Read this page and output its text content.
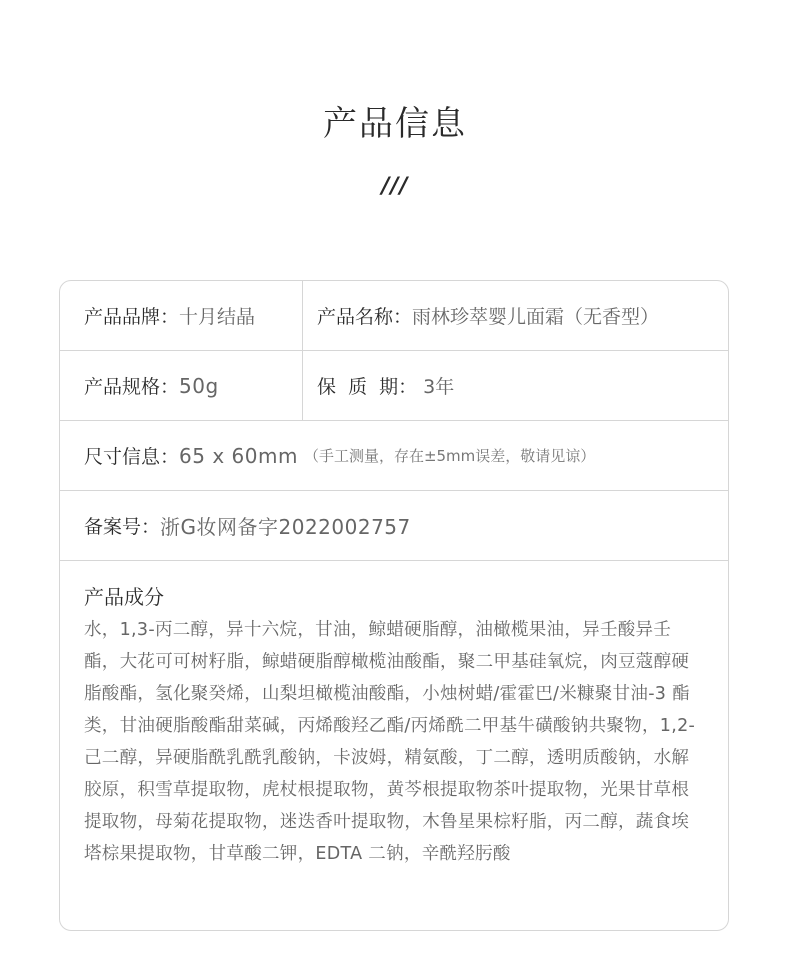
产品信息
///
产品品牌： 十月结晶	产品名称： 雨林珍萃婴儿面霜（无香型）
产品规格： 50g	保  质  期： 3年
尺寸信息： 65 x 60mm （手工测量，存在±5mm误差，敬请见谅）
备案号： 浙G妆网备字2022002757
产品成分
水，1,3-丙二醇，异十六烷，甘油，鲸蜡硬脂醇，油橄榄果油，异壬酸异壬酯，大花可可树籽脂，鲸蜡硬脂醇橄榄油酸酯，聚二甲基硅氧烷，肉豆蔻醇硬脂酸酯，氢化聚癸烯，山梨坦橄榄油酸酯，小烛树蜡/霍霍巴/米糠聚甘油-3 酯类，甘油硬脂酸酯甜菜碱，丙烯酸羟乙酯/丙烯酰二甲基牛磺酸钠共聚物，1,2-己二醇，异硬脂酰乳酰乳酸钠，卡波姆，精氨酸，丁二醇，透明质酸钠，水解胶原，积雪草提取物，虎杖根提取物，黄芩根提取物茶叶提取物，光果甘草根提取物，母菊花提取物，迷迭香叶提取物，木鲁星果棕籽脂，丙二醇，蔬食埃塔棕果提取物，甘草酸二钾，EDTA 二钠，辛酰羟肟酸
